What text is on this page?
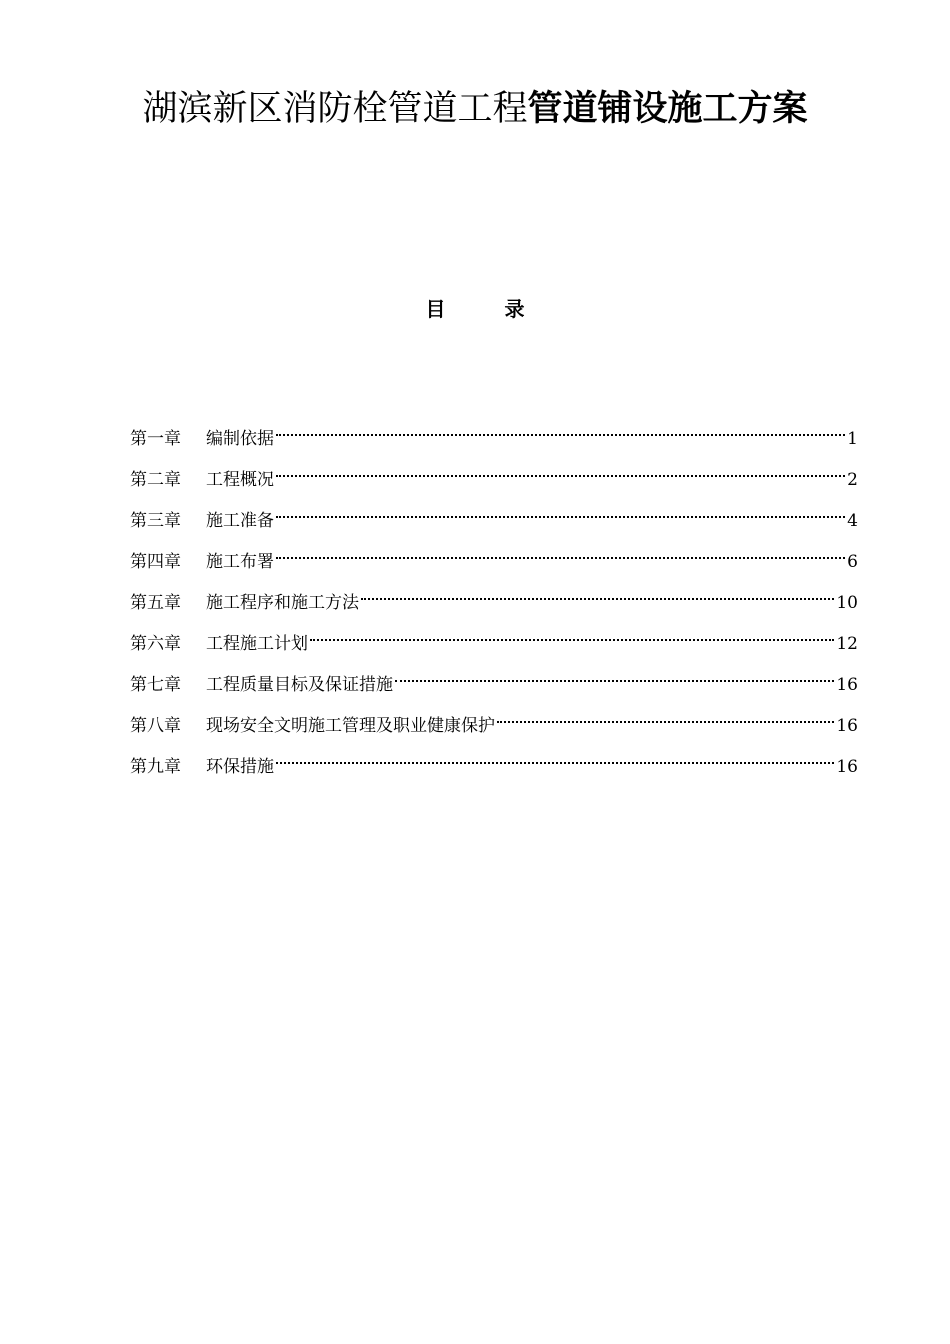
湖滨新区消防栓管道工程管道铺设施工方案
目 录
第一章	编制依据	1
第二章	工程概况	2
第三章	施工准备	4
第四章	施工布署	6
第五章	施工程序和施工方法	10
第六章	工程施工计划	12
第七章	工程质量目标及保证措施	16
第八章	现场安全文明施工管理及职业健康保护	16
第九章	环保措施	16
